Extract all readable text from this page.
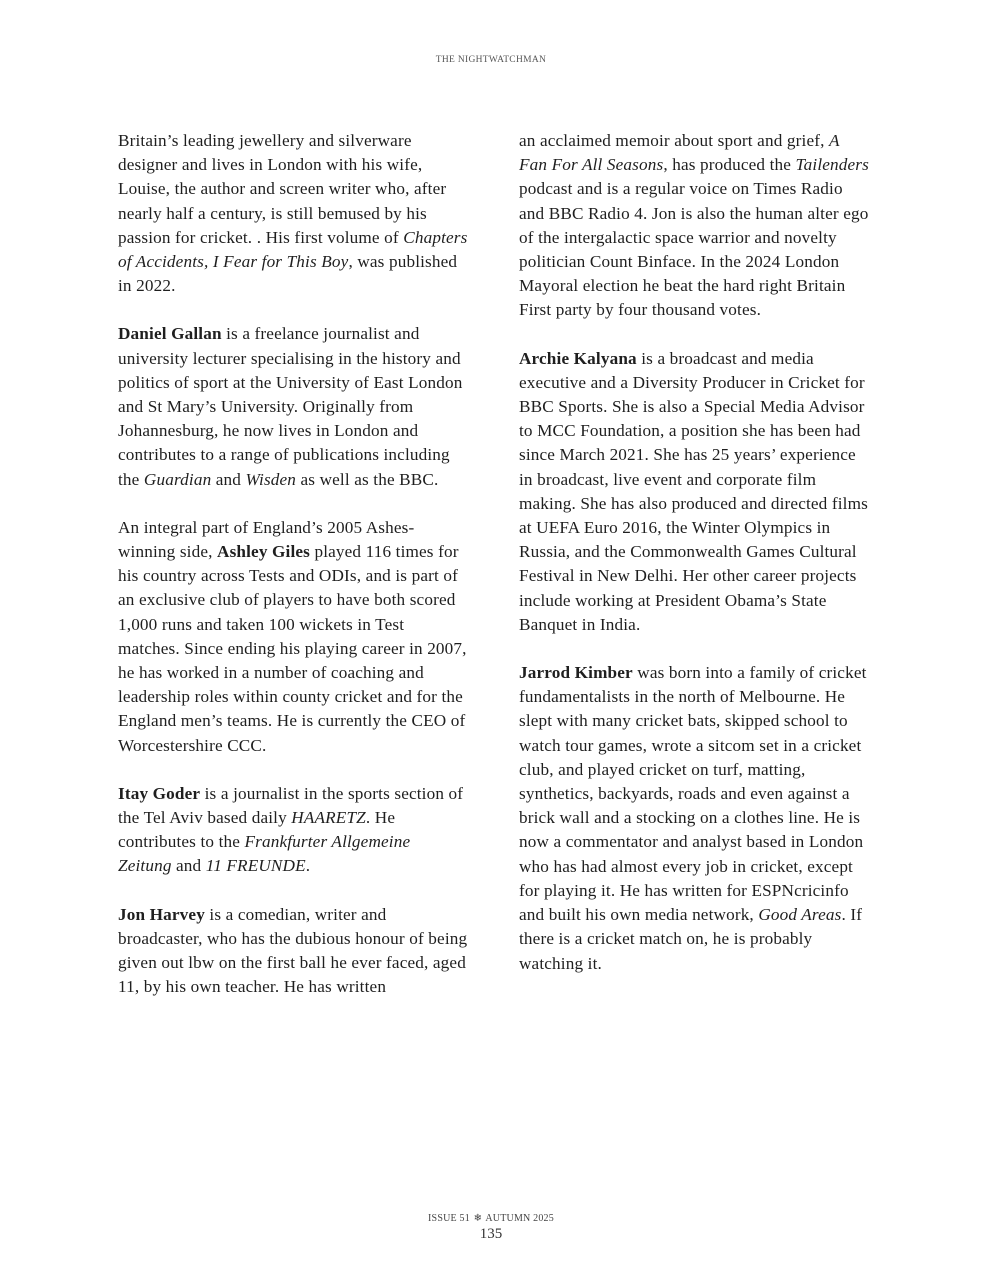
THE NIGHTWATCHMAN

Britain’s leading jewellery and silverware designer and lives in London with his wife, Louise, the author and screen writer who, after nearly half a century, is still bemused by his passion for cricket. . His first volume of Chapters of Accidents, I Fear for This Boy, was published in 2022.

Daniel Gallan is a freelance journalist and university lecturer specialising in the history and politics of sport at the University of East London and St Mary’s University. Originally from Johannesburg, he now lives in London and contributes to a range of publications including the Guardian and Wisden as well as the BBC.

An integral part of England’s 2005 Ashes-winning side, Ashley Giles played 116 times for his country across Tests and ODIs, and is part of an exclusive club of players to have both scored 1,000 runs and taken 100 wickets in Test matches. Since ending his playing career in 2007, he has worked in a number of coaching and leadership roles within county cricket and for the England men’s teams. He is currently the CEO of Worcestershire CCC.

Itay Goder is a journalist in the sports section of the Tel Aviv based daily HAARETZ. He contributes to the Frankfurter Allgemeine Zeitung and 11 FREUNDE.

Jon Harvey is a comedian, writer and broadcaster, who has the dubious honour of being given out lbw on the first ball he ever faced, aged 11, by his own teacher. He has written

an acclaimed memoir about sport and grief, A Fan For All Seasons, has produced the Tailenders podcast and is a regular voice on Times Radio and BBC Radio 4. Jon is also the human alter ego of the intergalactic space warrior and novelty politician Count Binface. In the 2024 London Mayoral election he beat the hard right Britain First party by four thousand votes.

Archie Kalyana is a broadcast and media executive and a Diversity Producer in Cricket for BBC Sports. She is also a Special Media Advisor to MCC Foundation, a position she has been had since March 2021. She has 25 years’ experience in broadcast, live event and corporate film making. She has also produced and directed films at UEFA Euro 2016, the Winter Olympics in Russia, and the Commonwealth Games Cultural Festival in New Delhi. Her other career projects include working at President Obama’s State Banquet in India.

Jarrod Kimber was born into a family of cricket fundamentalists in the north of Melbourne. He slept with many cricket bats, skipped school to watch tour games, wrote a sitcom set in a cricket club, and played cricket on turf, matting, synthetics, backyards, roads and even against a brick wall and a stocking on a clothes line. He is now a commentator and analyst based in London who has had almost every job in cricket, except for playing it. He has written for ESPNcricinfo and built his own media network, Good Areas. If there is a cricket match on, he is probably watching it.

ISSUE 51 ❄ AUTUMN 2025
135
